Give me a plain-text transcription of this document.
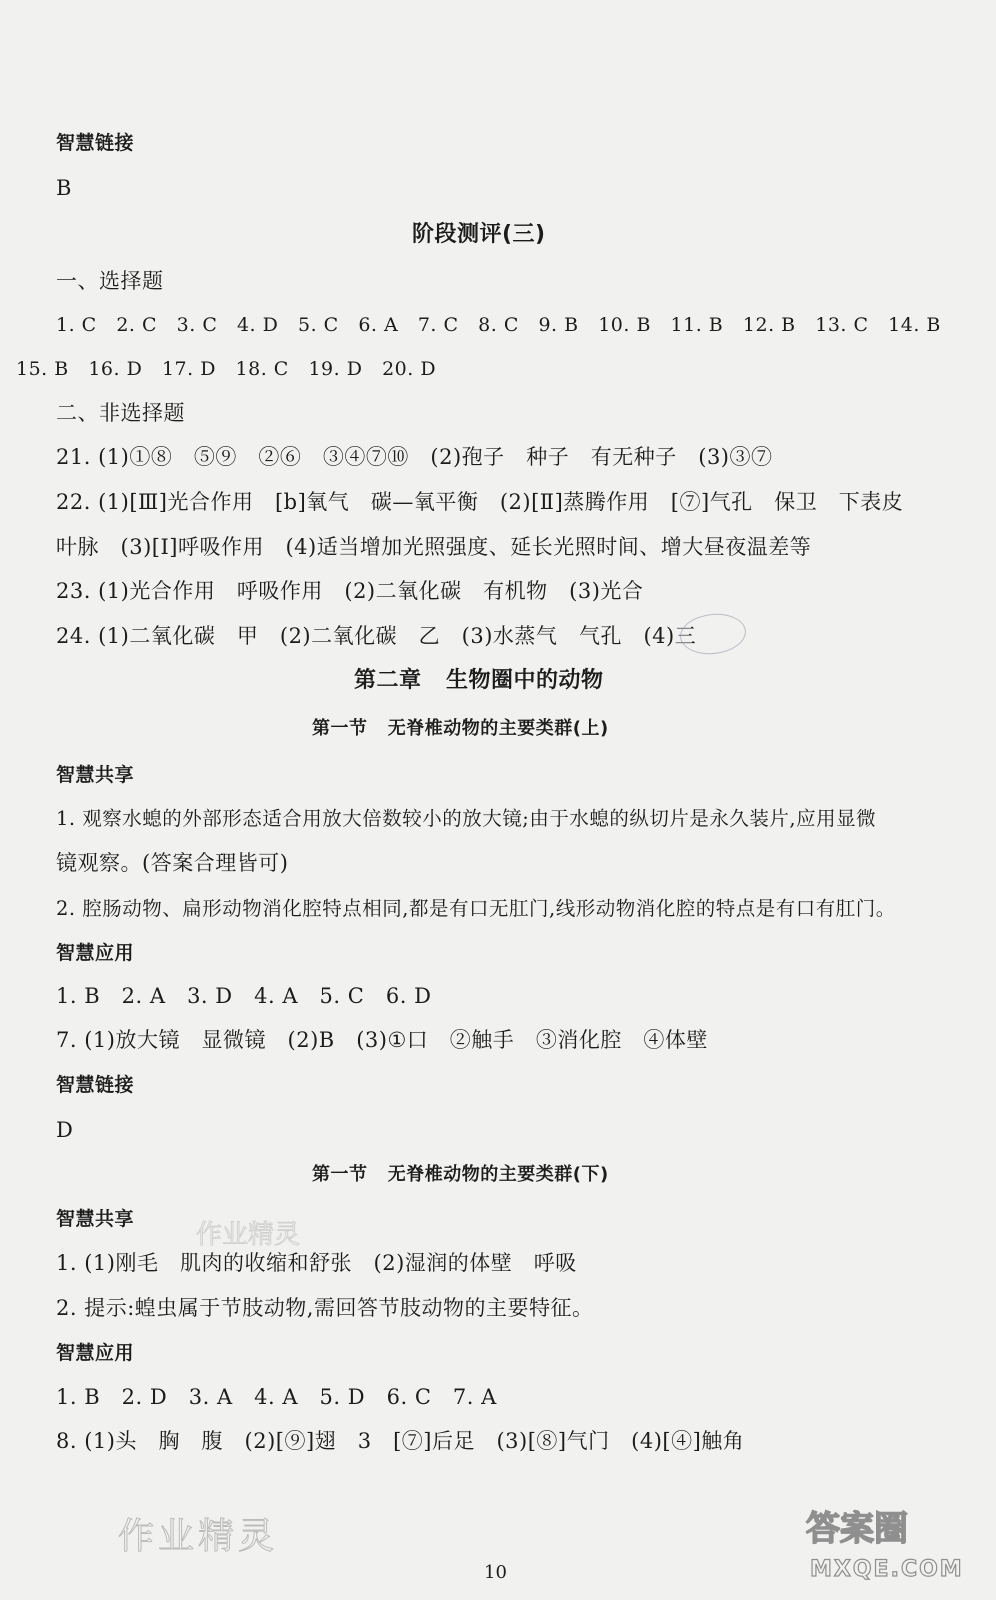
智慧链接
B
阶段测评(三)
一、选择题
1. C   2. C   3. C   4. D   5. C   6. A   7. C   8. C   9. B   10. B   11. B   12. B   13. C   14. B
15. B   16. D   17. D   18. C   19. D   20. D
二、非选择题
21. (1)①⑧   ⑤⑨   ②⑥   ③④⑦⑩   (2)孢子   种子   有无种子   (3)③⑦
22. (1)[Ⅲ]光合作用   [b]氧气   碳—氧平衡   (2)[Ⅱ]蒸腾作用   [⑦]气孔   保卫   下表皮
叶脉   (3)[Ⅰ]呼吸作用   (4)适当增加光照强度、延长光照时间、增大昼夜温差等
23. (1)光合作用   呼吸作用   (2)二氧化碳   有机物   (3)光合
24. (1)二氧化碳   甲   (2)二氧化碳   乙   (3)水蒸气   气孔   (4)三
第二章   生物圈中的动物
第一节   无脊椎动物的主要类群(上)
智慧共享
1. 观察水螅的外部形态适合用放大倍数较小的放大镜;由于水螅的纵切片是永久装片,应用显微
镜观察。(答案合理皆可)
2. 腔肠动物、扁形动物消化腔特点相同,都是有口无肛门,线形动物消化腔的特点是有口有肛门。
智慧应用
1. B   2. A   3. D   4. A   5. C   6. D
7. (1)放大镜   显微镜   (2)B   (3)①口   ②触手   ③消化腔   ④体壁
智慧链接
D
第一节   无脊椎动物的主要类群(下)
智慧共享
1. (1)刚毛   肌肉的收缩和舒张   (2)湿润的体壁   呼吸
2. 提示:蝗虫属于节肢动物,需回答节肢动物的主要特征。
智慧应用
1. B   2. D   3. A   4. A   5. D   6. C   7. A
8. (1)头   胸   腹   (2)[⑨]翅   3   [⑦]后足   (3)[⑧]气门   (4)[④]触角
作业精灵
作业精灵	答案圈
MXQE.COM
10
